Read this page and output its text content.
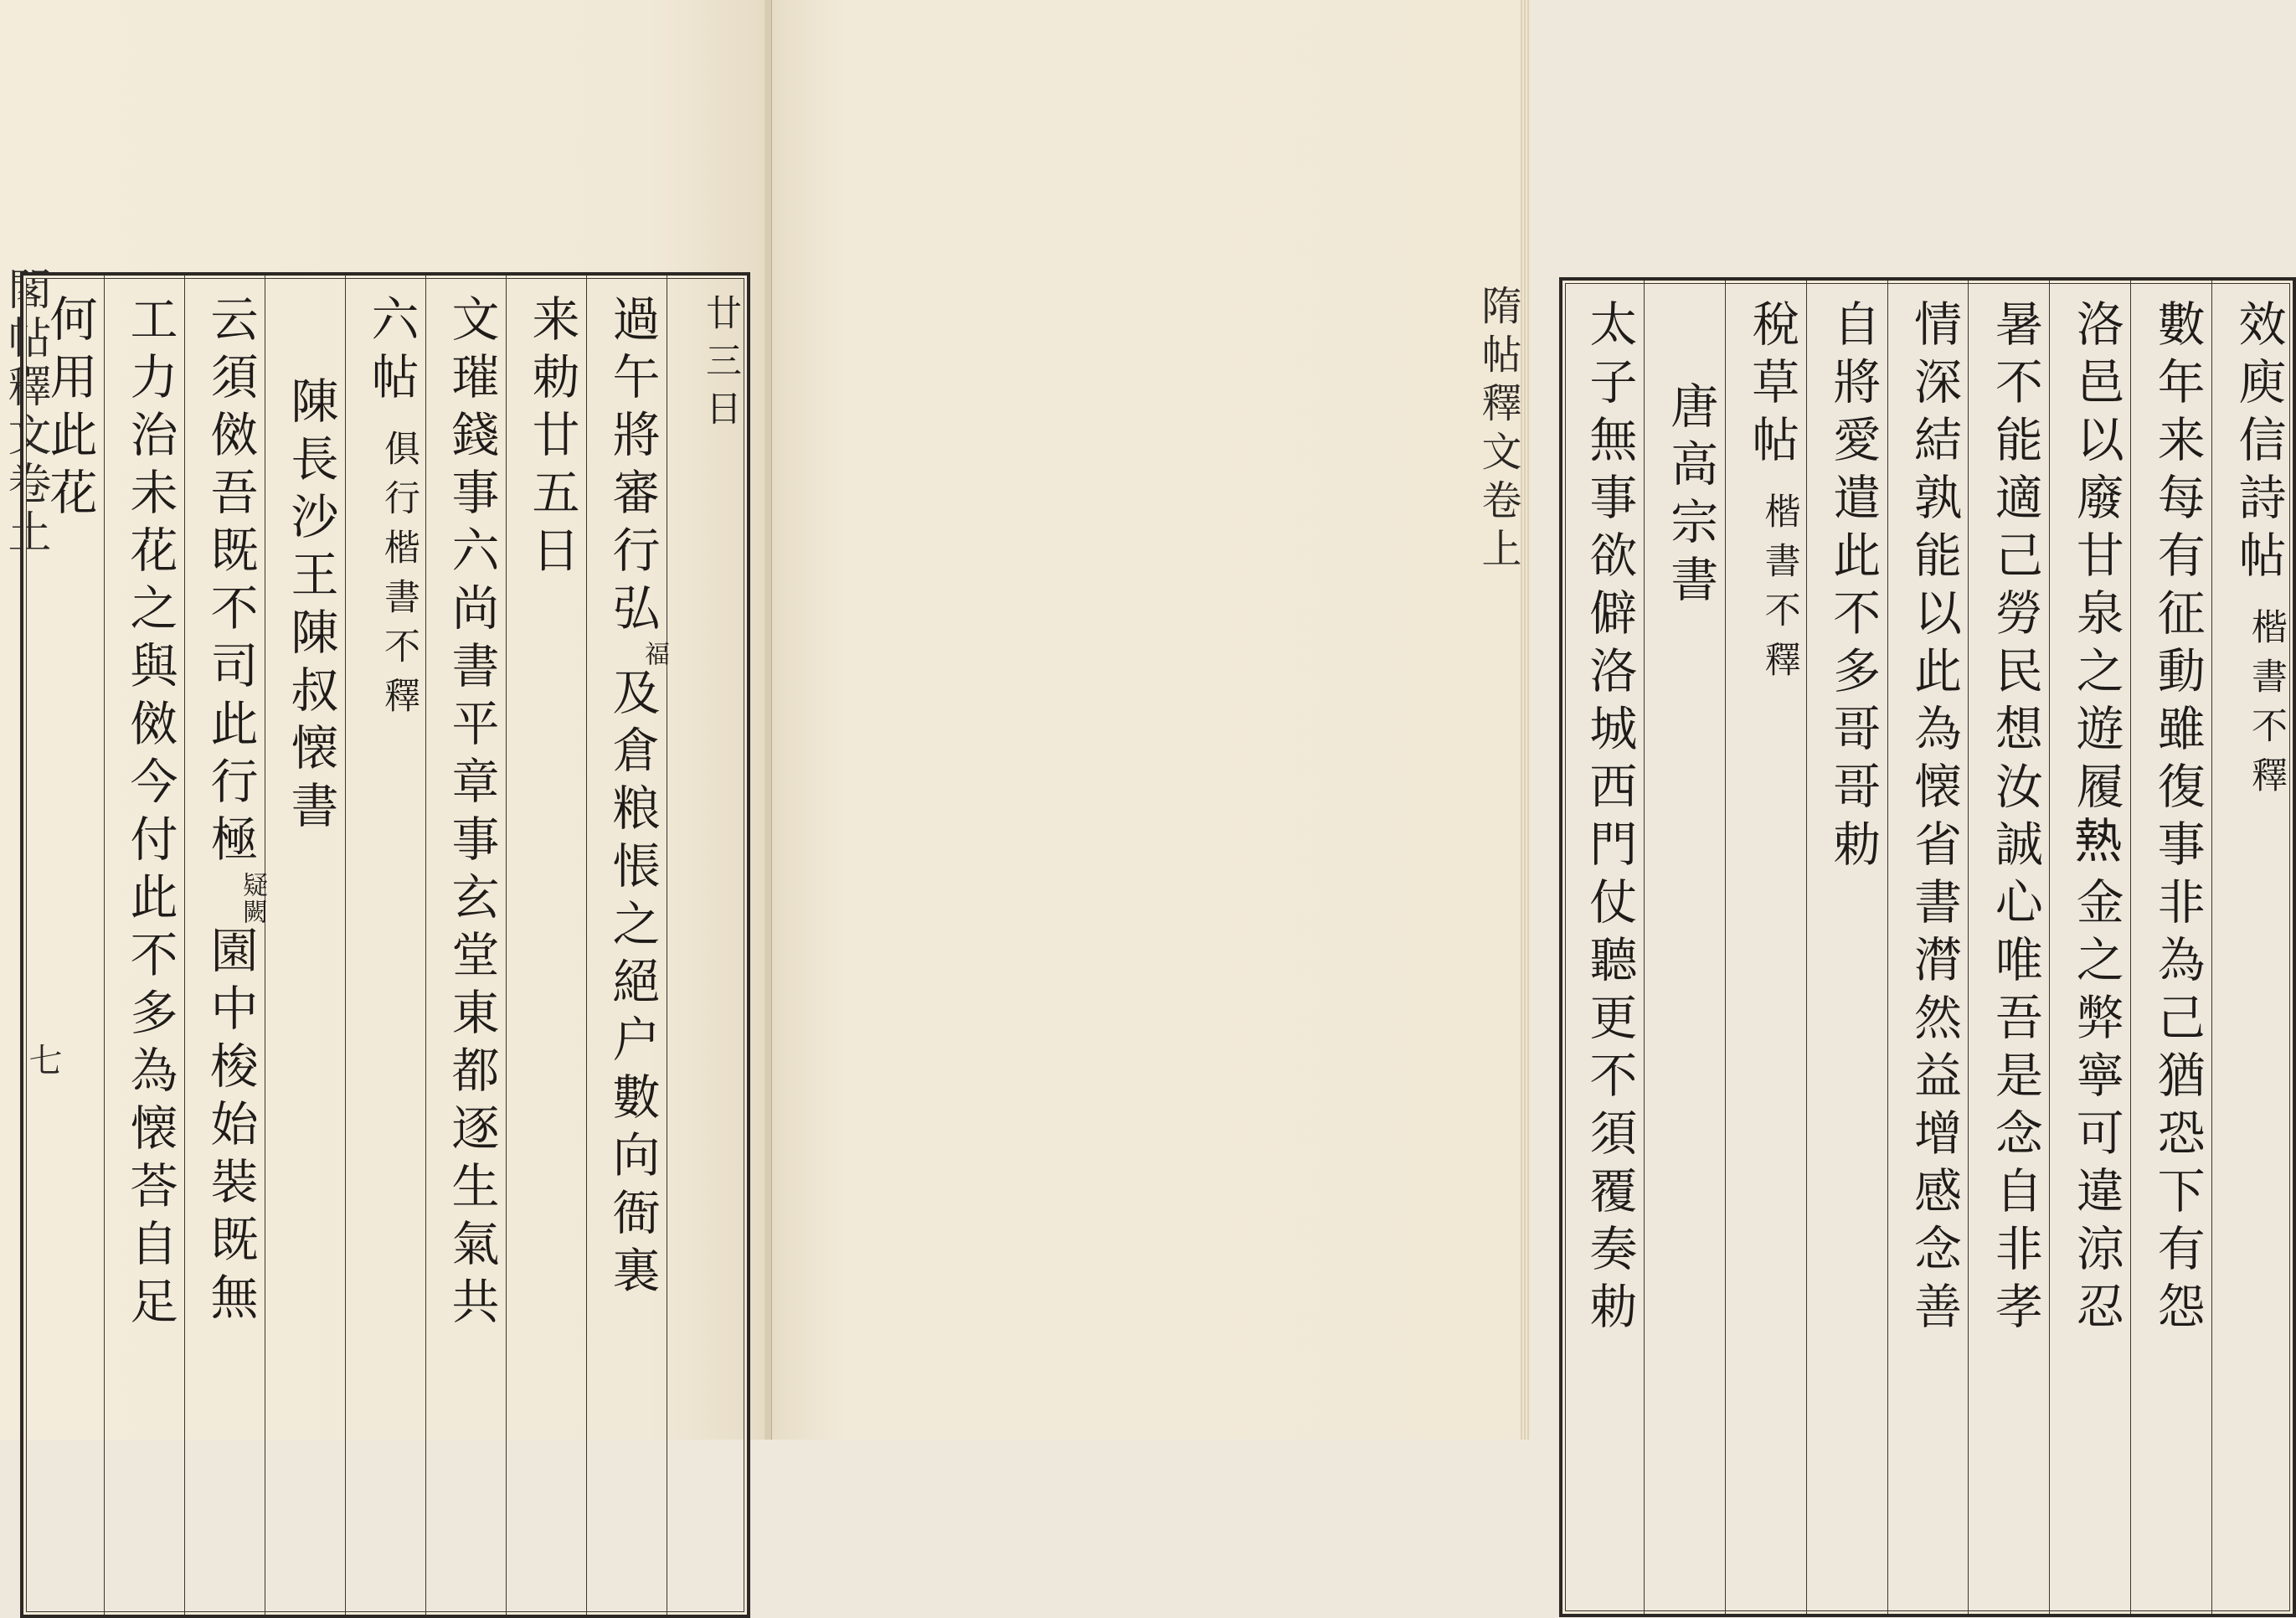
閣帖釋文卷土
七
廿三日
過午將審行弘
福
及倉粮悵之絕户數向衙裏
来勅廿五日
文璀錢事六尚書平章事玄堂東都逐生氣共
六帖
俱行楷書不釋
陳長沙王陳叔懐書
云須傚吾既不司此行極
疑闕
園中梭始裝既無
工力治未花之與傚今付此不多為懐荅自足
何用此花	效庾信詩帖
楷書不釋
數年来每有征動雖復事非為己猶恐下有怨
洛邑以廢甘泉之遊履𤍠金之弊寧可違涼忍
暑不能適己勞民想汝誠心唯吾是念自非孝
情深結孰能以此為懐省書潸然益增感念善
自將愛遣此不多哥哥勅
稅草帖
楷書不釋
唐高宗書
太子無事欲僻洛城西門仗聽更不須覆奏勅
隋帖釋文卷上
